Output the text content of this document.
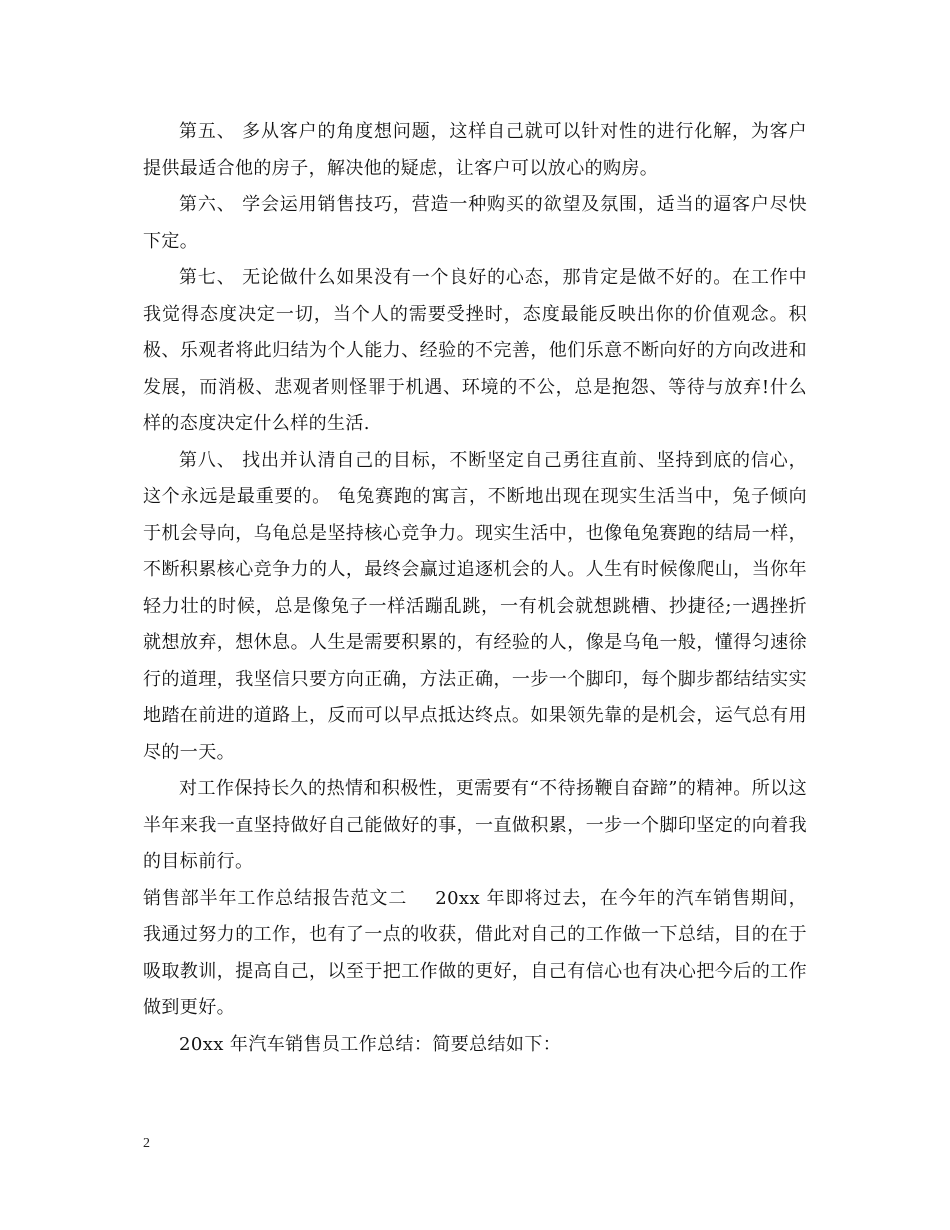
第五、 多从客户的角度想问题，这样自己就可以针对性的进行化解，为客户提供最适合他的房子，解决他的疑虑，让客户可以放心的购房。

第六、 学会运用销售技巧，营造一种购买的欲望及氛围，适当的逼客户尽快下定。

第七、 无论做什么如果没有一个良好的心态，那肯定是做不好的。在工作中我觉得态度决定一切，当个人的需要受挫时，态度最能反映出你的价值观念。积极、乐观者将此归结为个人能力、经验的不完善，他们乐意不断向好的方向改进和发展，而消极、悲观者则怪罪于机遇、环境的不公，总是抱怨、等待与放弃!什么样的态度决定什么样的生活.

第八、 找出并认清自己的目标，不断坚定自己勇往直前、坚持到底的信心，这个永远是最重要的。 龟兔赛跑的寓言，不断地出现在现实生活当中，兔子倾向于机会导向，乌龟总是坚持核心竞争力。现实生活中，也像龟兔赛跑的结局一样，不断积累核心竞争力的人，最终会赢过追逐机会的人。人生有时候像爬山，当你年轻力壮的时候，总是像兔子一样活蹦乱跳，一有机会就想跳槽、抄捷径;一遇挫折就想放弃，想休息。人生是需要积累的，有经验的人，像是乌龟一般，懂得匀速徐行的道理，我坚信只要方向正确，方法正确，一步一个脚印，每个脚步都结结实实地踏在前进的道路上，反而可以早点抵达终点。如果领先靠的是机会，运气总有用尽的一天。

对工作保持长久的热情和积极性，更需要有“不待扬鞭自奋蹄”的精神。所以这半年来我一直坚持做好自己能做好的事，一直做积累，一步一个脚印坚定的向着我的目标前行。

销售部半年工作总结报告范文二 20xx 年即将过去，在今年的汽车销售期间，我通过努力的工作，也有了一点的收获，借此对自己的工作做一下总结，目的在于吸取教训，提高自己，以至于把工作做的更好，自己有信心也有决心把今后的工作做到更好。

20xx 年汽车销售员工作总结：简要总结如下：

2
